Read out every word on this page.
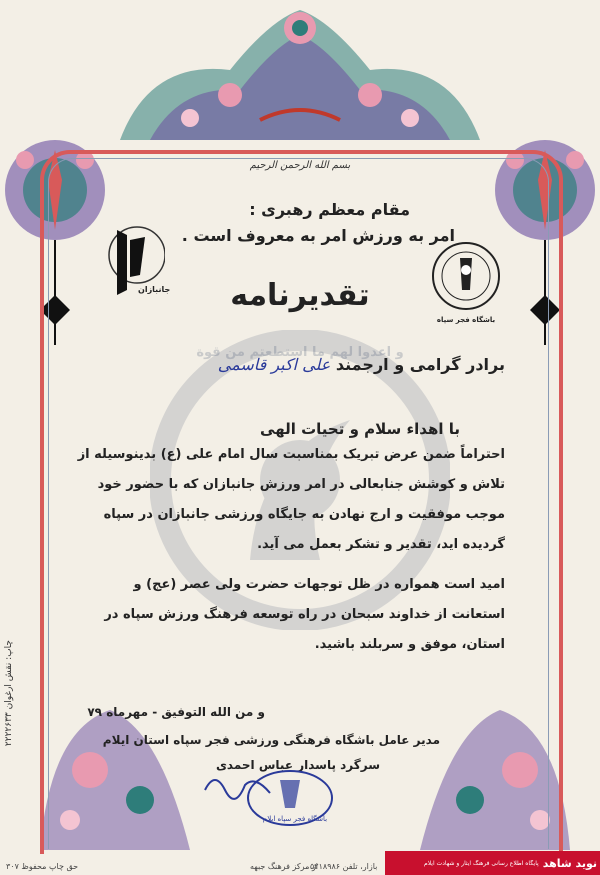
جانبازان
باشگاه فجر سپاه
بسم الله الرحمن الرحیم
مقام معظم رهبری :
امر به ورزش امر به معروف است .
تقدیرنامه
برادر گرامی و ارجمند علی اکبر قاسمی
با اهداء سلام و تحیات الهی
احتراماً ضمن عرض تبریک بمناسبت سال امام علی (ع) بدینوسیله از
تلاش و کوشش جنابعالی در امر ورزش جانبازان که با حضور خود
موجب موفقیت و ارج نهادن به جایگاه ورزشی جانبازان در سپاه
گردیده اید، تقدیر و تشکر بعمل می آید.
امید است همواره در ظل توجهات حضرت ولی عصر (عج) و
استعانت از خداوند سبحان در راه توسعه فرهنگ ورزش سپاه در
استان، موفق و سربلند باشید.
و من الله التوفیق - مهرماه ۷۹
مدیر عامل باشگاه فرهنگی ورزشی فجر سپاه استان ایلام
سرگرد پاسدار عباس احمدی
باشگاه فجر سپاه ایلام
چاپ: نقش ارغوان ۲۲۲۲۶۳۳
حق چاپ محفوظ ۳۰۷	از مرکز فرهنگ جبهه
بازار، تلفن ۵۲۱۸۹۸۶	نوید شاهد
پایگاه اطلاع رسانی فرهنگ ایثار و شهادت ایلام
و اعدوا لهم ما استطعتم من قوة
